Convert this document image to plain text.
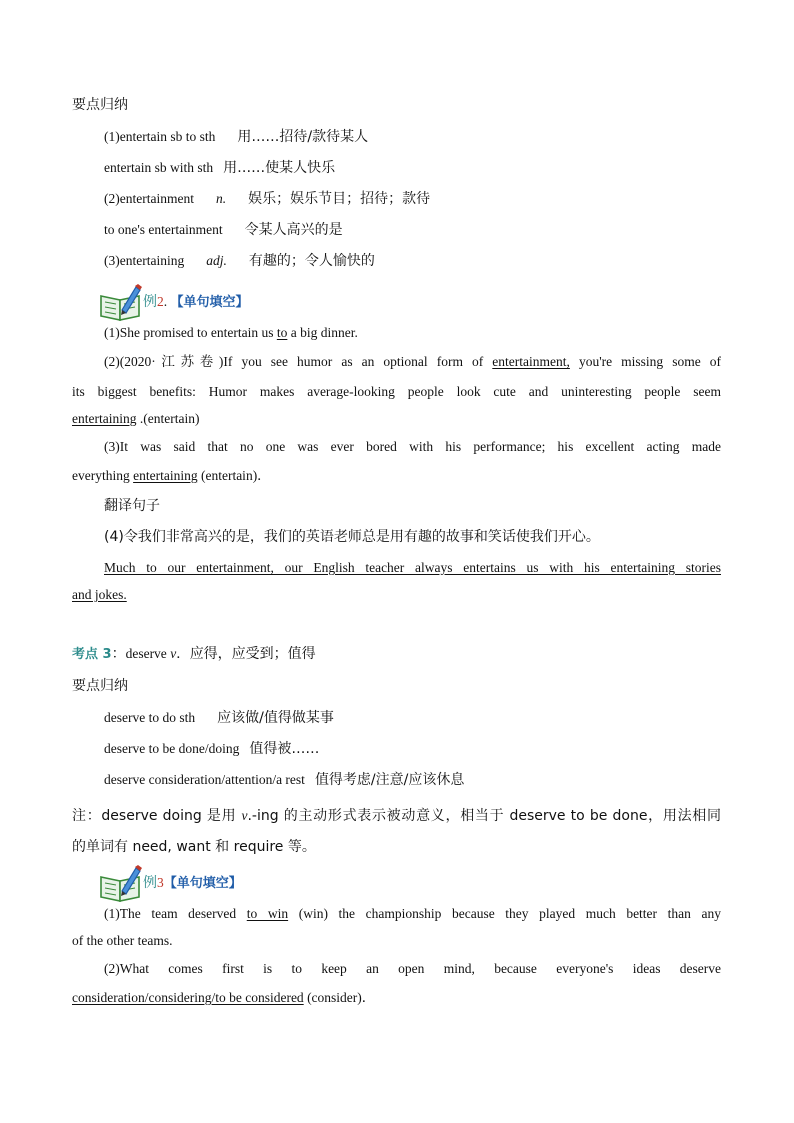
要点归纳
(1)entertain sb to sth 用……招待/款待某人
entertain sb with sth 用……使某人快乐
(2)entertainment n. 娱乐；娱乐节目；招待；款待
to one's entertainment 令某人高兴的是
(3)entertaining adj. 有趣的；令人愉快的
例2. 【单句填空】
(1)She promised to entertain us to a big dinner.
(2)(2020·江苏卷)If you see humor as an optional form of entertainment, you're missing some of
its biggest benefits: Humor makes average-looking people look cute and uninteresting people seem
entertaining .(entertain)
(3)It was said that no one was ever bored with his performance; his excellent acting made
everything entertaining (entertain)．
翻译句子
(4)令我们非常高兴的是，我们的英语老师总是用有趣的故事和笑话使我们开心。
Much to our entertainment, our English teacher always entertains us with his entertaining stories
and jokes.
考点 3：deserve v．应得，应受到；值得
要点归纳
deserve to do sth 应该做/值得做某事
deserve to be done/doing 值得被……
deserve consideration/attention/a rest 值得考虑/注意/应该休息
注：deserve doing 是用 v.-ing 的主动形式表示被动意义，相当于 deserve to be done，用法相同
的单词有 need, want 和 require 等。
例3【单句填空】
(1)The team deserved to win (win) the championship because they played much better than any
of the other teams.
(2)What comes first is to keep an open mind, because everyone's ideas deserve
consideration/considering/to be considered (consider)．
